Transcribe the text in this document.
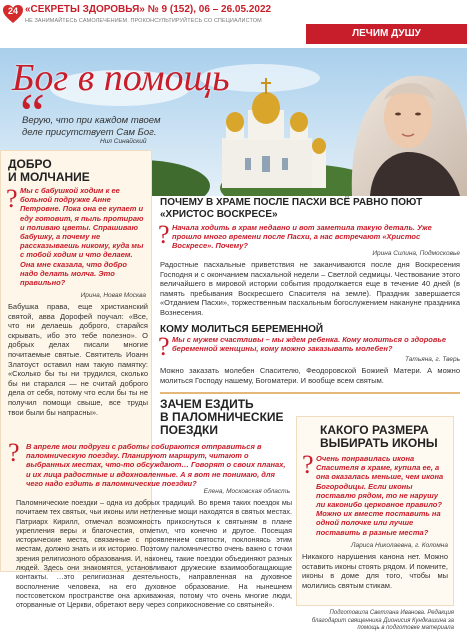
24 «СЕКРЕТЫ ЗДОРОВЬЯ» № 9 (152), 06 – 26.05.2022
НЕ ЗАНИМАЙТЕСЬ САМОЛЕЧЕНИЕМ. ПРОКОНСУЛЬТИРУЙТЕСЬ СО СПЕЦИАЛИСТОМ
ЛЕЧИМ ДУШУ
Бог в помощь
“
Верую, что при каждом твоем деле присутствует Сам Бог.
Нил Синайский
ДОБРО
И МОЛЧАНИЕ
? Мы с бабушкой ходим к ее больной подружке Анне Петровне. Пока она ее купает и еду готовит, я пыль протираю и поливаю цветы. Спрашиваю бабушку, а почему не рассказываешь никому, куда мы с тобой ходим и что делаем. Она мне сказала, что добро надо делать молча. Это правильно?
Ирина, Новая Москва
Бабушка права, еще христианский святой, авва Дорофей поучал: «Все, что ни делаешь доброго, старайся скрывать, ибо это тебе полезно». О добрых делах писали многие почитаемые святые. Святитель Иоанн Златоуст оставил нам такую памятку: «Сколько бы ты ни трудился, сколько бы ни старался — не считай доброго дела от себя, потому что если бы ты не получил помощи свыше, все труды твои были бы напрасны».
ПОЧЕМУ В ХРАМЕ ПОСЛЕ ПАСХИ ВСЁ РАВНО ПОЮТ
«ХРИСТОС ВОСКРЕСЕ»
? Начала ходить в храм недавно и вот заметила такую деталь. Уже прошло много времени после Пасхи, а нас встречают «Христос Воскресе». Почему?
Ирина Силина, Подмосковье
Радостные пасхальные приветствия не заканчиваются после дня Воскресения Господня и с окончанием пасхальной недели – Светлой седмицы. Чествование этого величайшего в мировой истории события продолжается еще в течение 40 дней (в память пребывания Воскресшего Спасителя на земле). Праздник завершается «Отданием Пасхи», торжественным пасхальным богослужением накануне праздника Вознесения.
КОМУ МОЛИТЬСЯ БЕРЕМЕННОЙ
? Мы с мужем счастливы – мы ждем ребенка. Кому молиться о здоровье беременной женщины, кому можно заказывать молебен?
Татьяна, г. Тверь
Можно заказать молебен Спасителю, Феодоровской Божией Матери. А можно молиться Господу нашему, Богоматери. И вообще всем святым.
ЗАЧЕМ ЕЗДИТЬ
В ПАЛОМНИЧЕСКИЕ
ПОЕЗДКИ
? В апреле мои подруги с работы собираются отправиться в паломническую поездку. Планируют маршрут, читают о выбранных местах, что-то обсуждают… Говорят о своих планах, и их лица радостные и вдохновленные. А я вот не понимаю, для чего надо ездить в паломнические поездки?
Елена, Московская область
Паломнические поездки – одна из добрых традиций. Во время таких поездок мы почитаем тех святых, чьи иконы или нетленные мощи находятся в святых местах. Патриарх Кирилл, отмечал возможность прикоснуться к святыням в плане укрепления веры и благочестия, отметил, что конечно и другое. Посещая исторические места, связанные с проявлением святости, поклоняясь этим местам, должно знать и их историю. Поэтому паломничество очень важно с точки зрения религиозного образования. И, наконец, такие поездки объединяют разных людей. Здесь они знакомятся, установливают дружеские взаимообогащающие контакты. …это религиозная деятельность, направленная на духовное восполнение человека, на его духовное образование. На нынешнем постсоветском пространстве она архиважная, потому что очень многие люди, оторванные от Церкви, обретают веру через соприкосновение со святыней».
КАКОГО РАЗМЕРА
ВЫБИРАТЬ ИКОНЫ
? Очень понравилась икона Спасителя в храме, купила ее, а она оказалась меньше, чем икона Богородицы. Если иконы поставлю рядом, то не нарушу ли каконибо церковное правило? Можно их вместе поставить на одной полочке или лучше поставить в разные места?
Лариса Николаевна, г. Коломна
Никакого нарушения канона нет. Можно оставить иконы стоять рядом. И помните, иконы в доме для того, чтобы мы молились святым стикам.
Подготовила Светлана Иванова. Редакция благодарит священника Дионисия Кундкашина за помощь в подготовке материала
